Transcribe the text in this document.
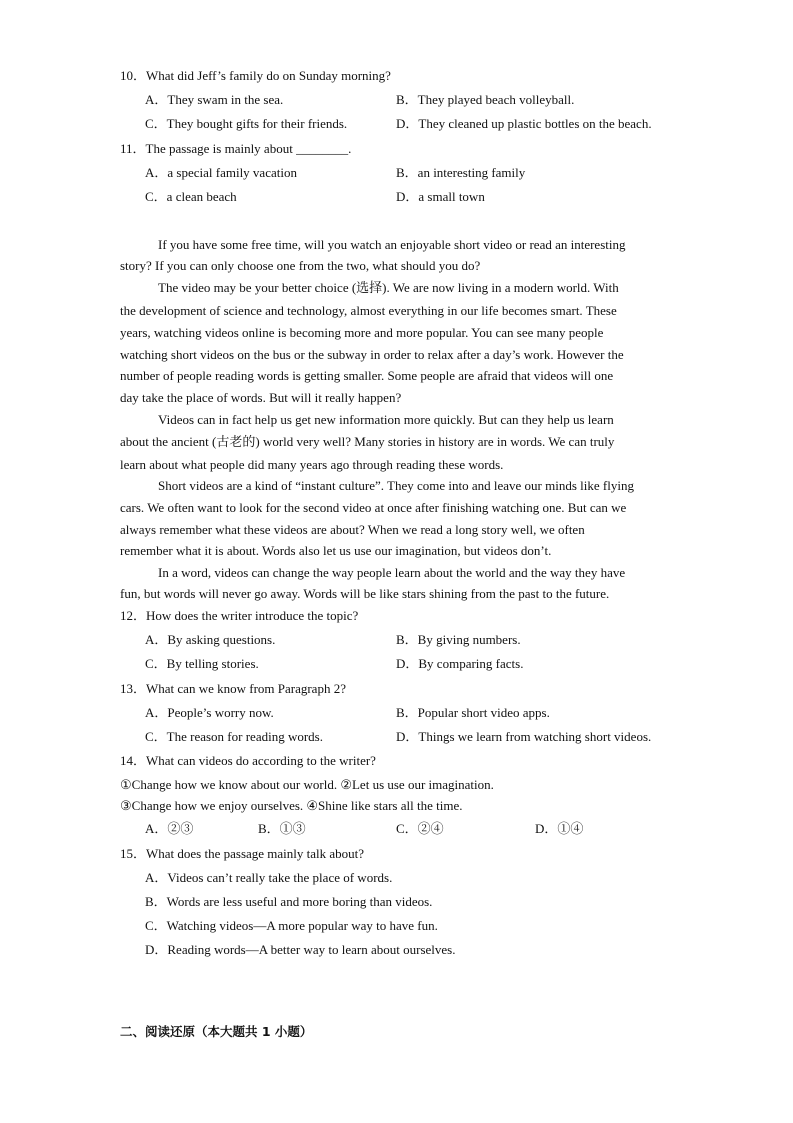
10．What did Jeff’s family do on Sunday morning?
A．They swam in the sea.	B．They played beach volleyball.
C．They bought gifts for their friends.	D．They cleaned up plastic bottles on the beach.
11．The passage is mainly about ________.
A．a special family vacation	B．an interesting family
C．a clean beach	D．a small town
If you have some free time, will you watch an enjoyable short video or read an interesting
story? If you can only choose one from the two, what should you do?
The video may be your better choice (选择). We are now living in a modern world. With
the development of science and technology, almost everything in our life becomes smart. These
years, watching videos online is becoming more and more popular. You can see many people
watching short videos on the bus or the subway in order to relax after a day’s work. However the
number of people reading words is getting smaller. Some people are afraid that videos will one
day take the place of words. But will it really happen?
Videos can in fact help us get new information more quickly. But can they help us learn
about the ancient (古老的) world very well? Many stories in history are in words. We can truly
learn about what people did many years ago through reading these words.
Short videos are a kind of “instant culture”. They come into and leave our minds like flying
cars. We often want to look for the second video at once after finishing watching one. But can we
always remember what these videos are about? When we read a long story well, we often
remember what it is about. Words also let us use our imagination, but videos don’t.
In a word, videos can change the way people learn about the world and the way they have
fun, but words will never go away. Words will be like stars shining from the past to the future.
12．How does the writer introduce the topic?
A．By asking questions.	B．By giving numbers.
C．By telling stories.	D．By comparing facts.
13．What can we know from Paragraph 2?
A．People’s worry now.	B．Popular short video apps.
C．The reason for reading words.	D．Things we learn from watching short videos.
14．What can videos do according to the writer?
①Change how we know about our world. ②Let us use our imagination.
③Change how we enjoy ourselves. ④Shine like stars all the time.
A．②③	B．①③	C．②④	D．①④
15．What does the passage mainly talk about?
A．Videos can’t really take the place of words.
B．Words are less useful and more boring than videos.
C．Watching videos—A more popular way to have fun.
D．Reading words—A better way to learn about ourselves.
二、阅读还原（本大题共 1 小题）
